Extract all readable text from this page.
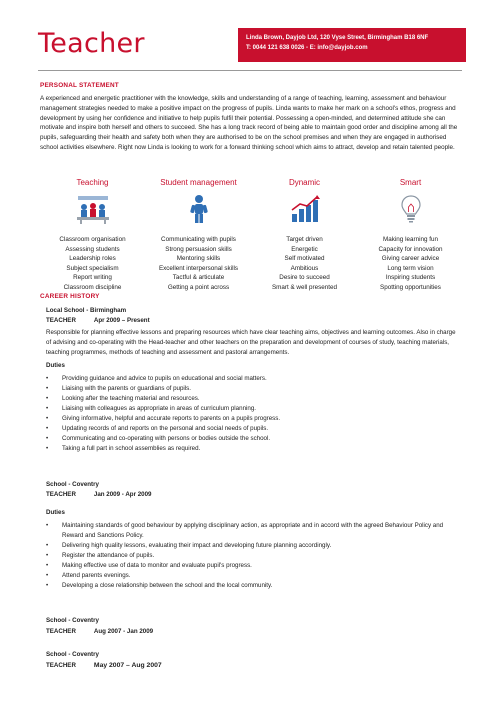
Teacher	Linda Brown, Dayjob Ltd, 120 Vyse Street, Birmingham B18 6NF
T: 0044 121 638 0026 - E: info@dayjob.com
PERSONAL STATEMENT
A experienced and energetic practitioner with the knowledge, skills and understanding of a range of teaching, learning, assessment and behaviour management strategies needed to make a positive impact on the progress of pupils. Linda wants to make her mark on a school's ethos, progress and development by using her confidence and initiative to help pupils fulfil their potential. Possessing a open-minded, and determined attitude she can motivate and inspire both herself and others to succeed. She has a long track record of being able to maintain good order and discipline among all the pupils, safeguarding their health and safety both when they are authorised to be on the school premises and when they are engaged in authorised school activities elsewhere. Right now Linda is looking to work for a forward thinking school which aims to attract, develop and retain talented people.
Teaching
Classroom organisation
Assessing students
Leadership roles
Subject specialism
Report writing
Classroom discipline
Student management
Communicating with pupils
Strong persuasion skills
Mentoring skills
Excellent interpersonal skills
Tactful & articulate
Getting a point across
Dynamic
Target driven
Energetic
Self motivated
Ambitious
Desire to succeed
Smart & well presented
Smart
Making learning fun
Capacity for innovation
Giving career advice
Long term vision
Inspiring students
Spotting opportunities
CAREER HISTORY
Local School - Birmingham
TEACHER	Apr 2009 – Present
Responsible for planning effective lessons and preparing resources which have clear teaching aims, objectives and learning outcomes. Also in charge of advising and co-operating with the Head-teacher and other teachers on the preparation and development of courses of study, teaching materials, teaching programmes, methods of teaching and assessment and pastoral arrangements.
Duties
• Providing guidance and advice to pupils on educational and social matters.
• Liaising with the parents or guardians of pupils.
• Looking after the teaching material and resources.
• Liaising with colleagues as appropriate in areas of curriculum planning.
• Giving informative, helpful and accurate reports to parents on a pupils progress.
• Updating records of and reports on the personal and social needs of pupils.
• Communicating and co-operating with persons or bodies outside the school.
• Taking a full part in school assemblies as required.
School - Coventry
TEACHER	Jan 2009 - Apr 2009
Duties
• Maintaining standards of good behaviour by applying disciplinary action, as appropriate and in accord with the agreed Behaviour Policy and Reward and Sanctions Policy.
• Delivering high quality lessons, evaluating their impact and developing future planning accordingly.
• Register the attendance of pupils.
• Making effective use of data to monitor and evaluate pupil's progress.
• Attend parents evenings.
• Developing a close relationship between the school and the local community.
School - Coventry
TEACHER	Aug 2007 - Jan 2009
School - Coventry
TEACHER	May 2007 – Aug 2007
